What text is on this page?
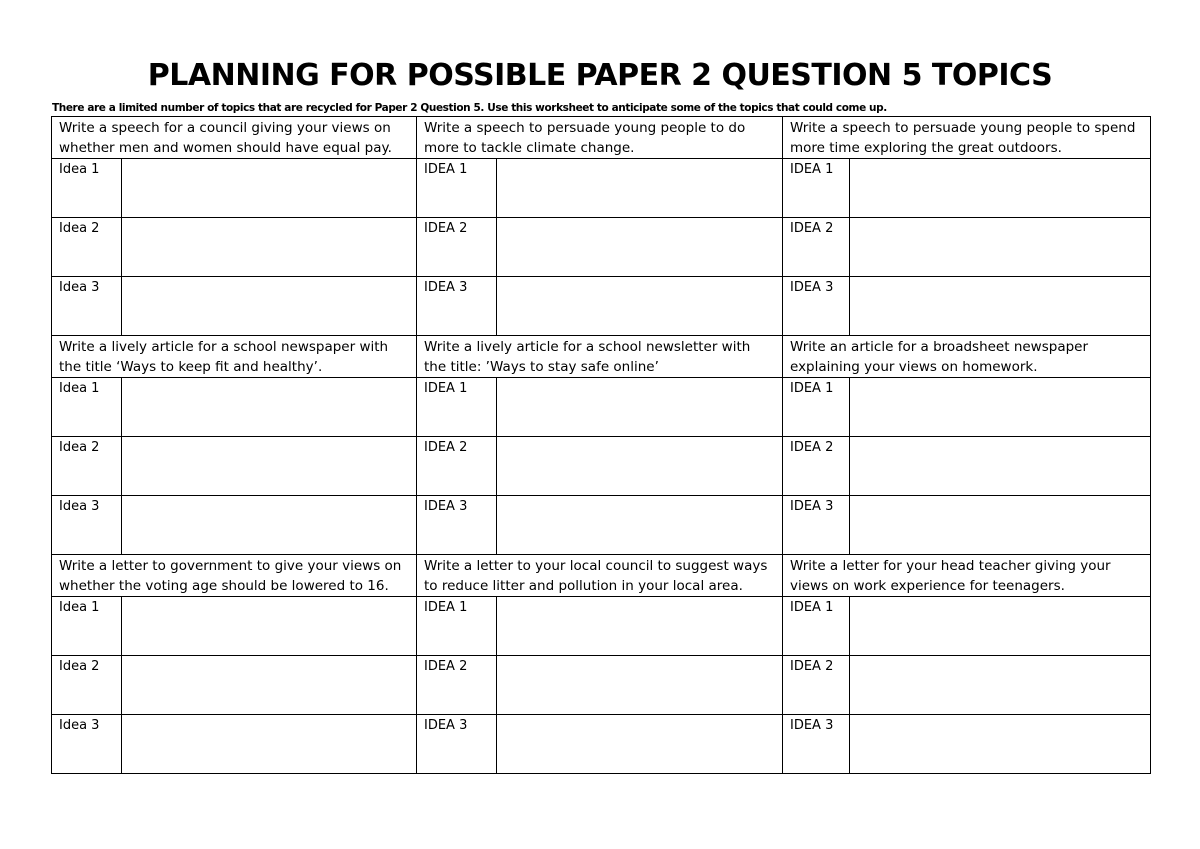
PLANNING FOR POSSIBLE PAPER 2 QUESTION 5 TOPICS
There are a limited number of topics that are recycled for Paper 2 Question 5. Use this worksheet to anticipate some of the topics that could come up.
Write a speech for a council giving your views on whether men and women should have equal pay.		Write a speech to persuade young people to do more to tackle climate change.		Write a speech to persuade young people to spend more time exploring the great outdoors.	
Idea 1		IDEA 1		IDEA 1	
Idea 2		IDEA 2		IDEA 2	
Idea 3		IDEA 3		IDEA 3	
Write a lively article for a school newspaper with the title ‘Ways to keep fit and healthy’.		Write a lively article for a school newsletter with the title: ’Ways to stay safe online’		Write an article for a broadsheet newspaper explaining your views on homework.	
Idea 1		IDEA 1		IDEA 1	
Idea 2		IDEA 2		IDEA 2	
Idea 3		IDEA 3		IDEA 3	
Write a letter to government to give your views on whether the voting age should be lowered to 16.		Write a letter to your local council to suggest ways to reduce litter and pollution in your local area.		Write a letter for your head teacher giving your views on work experience for teenagers.	
Idea 1		IDEA 1		IDEA 1	
Idea 2		IDEA 2		IDEA 2	
Idea 3		IDEA 3		IDEA 3	
